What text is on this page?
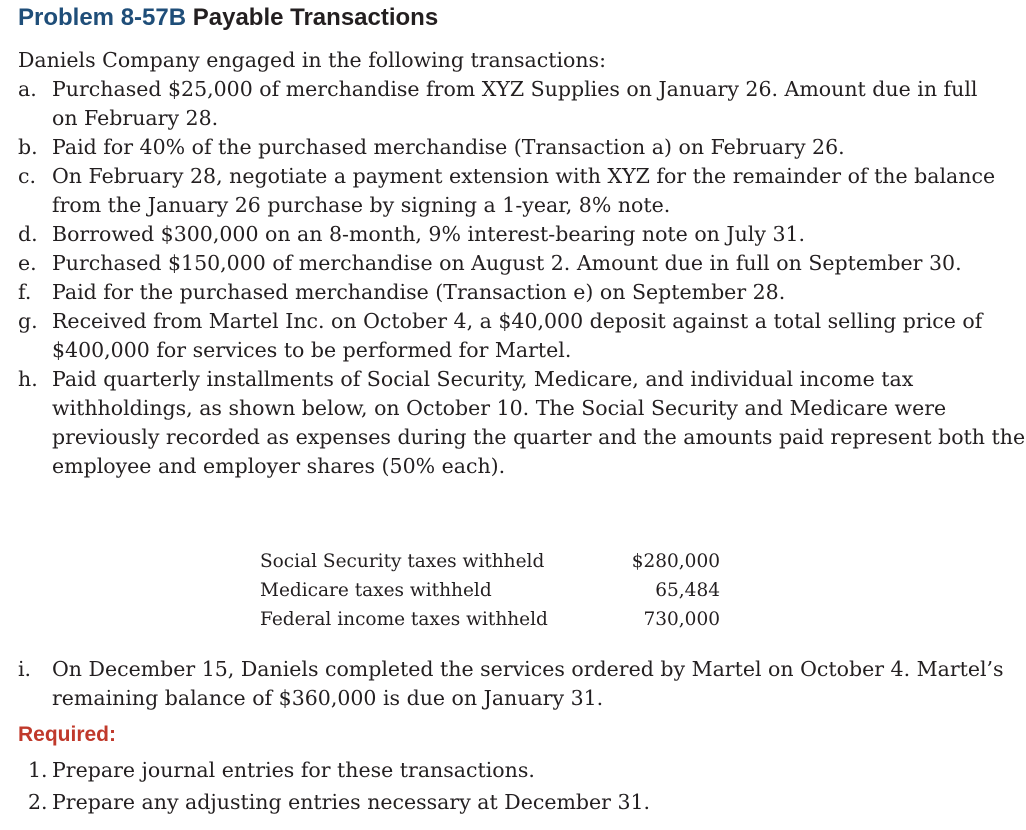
Problem 8-57B Payable Transactions
Daniels Company engaged in the following transactions:
a. Purchased $25,000 of merchandise from XYZ Supplies on January 26. Amount due in full
on February 28.
b. Paid for 40% of the purchased merchandise (Transaction a) on February 26.
c. On February 28, negotiate a payment extension with XYZ for the remainder of the balance
from the January 26 purchase by signing a 1-year, 8% note.
d. Borrowed $300,000 on an 8-month, 9% interest-bearing note on July 31.
e. Purchased $150,000 of merchandise on August 2. Amount due in full on September 30.
f. Paid for the purchased merchandise (Transaction e) on September 28.
g. Received from Martel Inc. on October 4, a $40,000 deposit against a total selling price of
$400,000 for services to be performed for Martel.
h. Paid quarterly installments of Social Security, Medicare, and individual income tax
withholdings, as shown below, on October 10. The Social Security and Medicare were
previously recorded as expenses during the quarter and the amounts paid represent both the
employee and employer shares (50% each).
Social Security taxes withheld	$280,000
Medicare taxes withheld	65,484
Federal income taxes withheld	730,000
i. On December 15, Daniels completed the services ordered by Martel on October 4. Martel’s
remaining balance of $360,000 is due on January 31.
Required:
1. Prepare journal entries for these transactions.
2. Prepare any adjusting entries necessary at December 31.
